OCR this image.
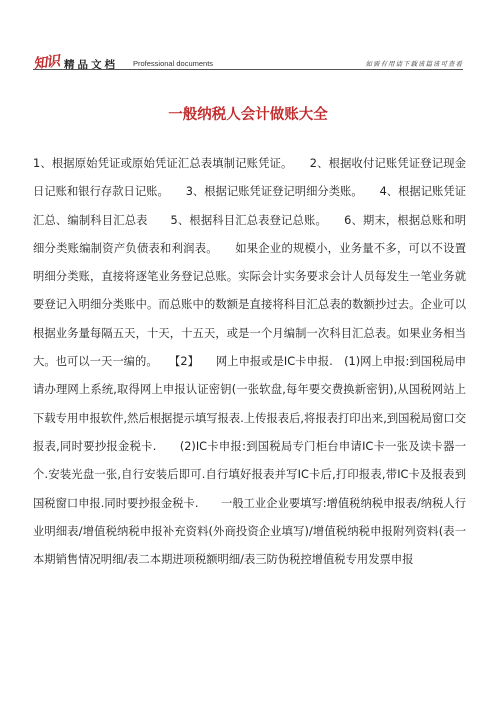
知识 精品文档 Professional documents	如需有用请下载该篇该可查看
一般纳税人会计做账大全

1、根据原始凭证或原始凭证汇总表填制记账凭证。　　2、根据收付记账凭证登记现金日记账和银行存款日记账。　　3、根据记账凭证登记明细分类账。　　4、根据记账凭证汇总、编制科目汇总表　　5、根据科目汇总表登记总账。　　6、期末，根据总账和明细分类账编制资产负债表和利润表。　　如果企业的规模小，业务量不多，可以不设置明细分类账，直接将逐笔业务登记总账。实际会计实务要求会计人员每发生一笔业务就要登记入明细分类账中。而总账中的数额是直接将科目汇总表的数额抄过去。企业可以根据业务量每隔五天，十天，十五天，或是一个月编制一次科目汇总表。如果业务相当大。也可以一天一编的。　　【2】　　网上申报或是IC卡申报.　(1)网上申报:到国税局申请办理网上系统,取得网上申报认证密钥(一张软盘,每年要交费换新密钥),从国税网站上下载专用申报软件,然后根据提示填写报表.上传报表后,将报表打印出来,到国税局窗口交报表,同时要抄报金税卡.　　(2)IC卡申报:到国税局专门柜台申请IC卡一张及读卡器一个.安装光盘一张,自行安装后即可.自行填好报表并写IC卡后,打印报表,带IC卡及报表到国税窗口申报.同时要抄报金税卡.　　一般工业企业要填写:增值税纳税申报表/纳税人行业明细表/增值税纳税申报补充资料(外商投资企业填写)/增值税纳税申报附列资料(表一本期销售情况明细/表二本期进项税额明细/表三防伪税控增值税专用发票申报
